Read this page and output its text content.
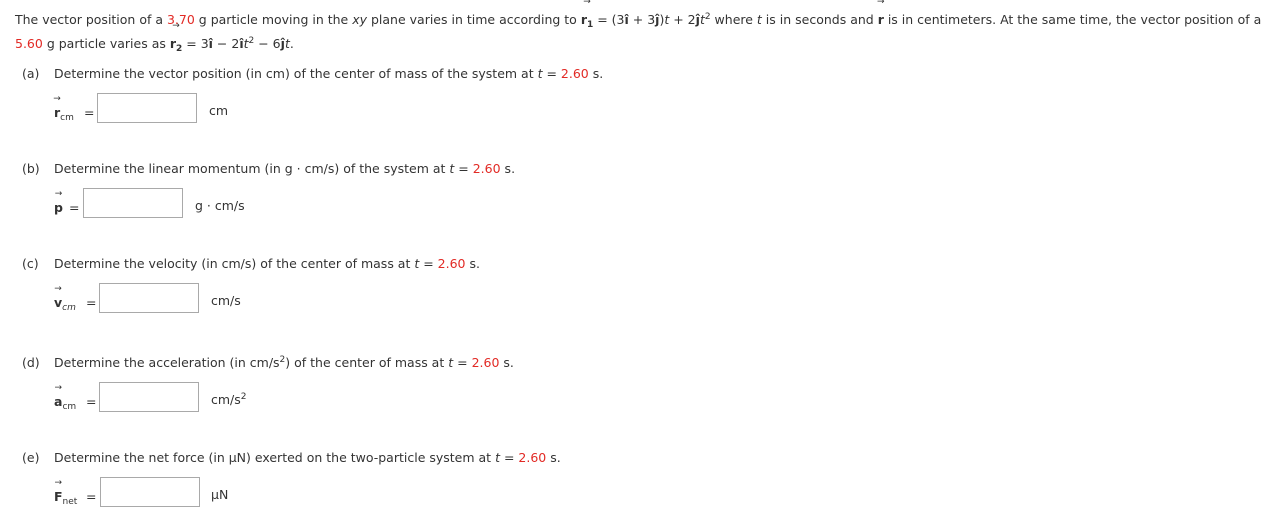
The vector position of a 3.70 g particle moving in the xy plane varies in time according to → $r_1$ = (3î + 3ĵ)t + $2ĵt^2$ where t is in seconds and → r is in centimeters. At the same time, the vector position of a 5.60 g particle varies as → $r_2$ = 3î − $2ît^2$ − 6ĵt.
(a) Determine the vector position (in cm) of the center of mass of the system at t = 2.60 s.
→ $r_{cm}$ =	cm
(b) Determine the linear momentum (in g · cm/s) of the system at t = 2.60 s.
→ p =	g · cm/s
(c) Determine the velocity (in cm/s) of the center of mass at t = 2.60 s.
→ $v_{cm}$ =	cm/s
(d) Determine the acceleration (in $cm/s^2$) of the center of mass at t = 2.60 s.
→ $a_{cm}$ =	$cm/s^2$
(e) Determine the net force (in µN) exerted on the two-particle system at t = 2.60 s.
→ $F_{net}$ =	µN
